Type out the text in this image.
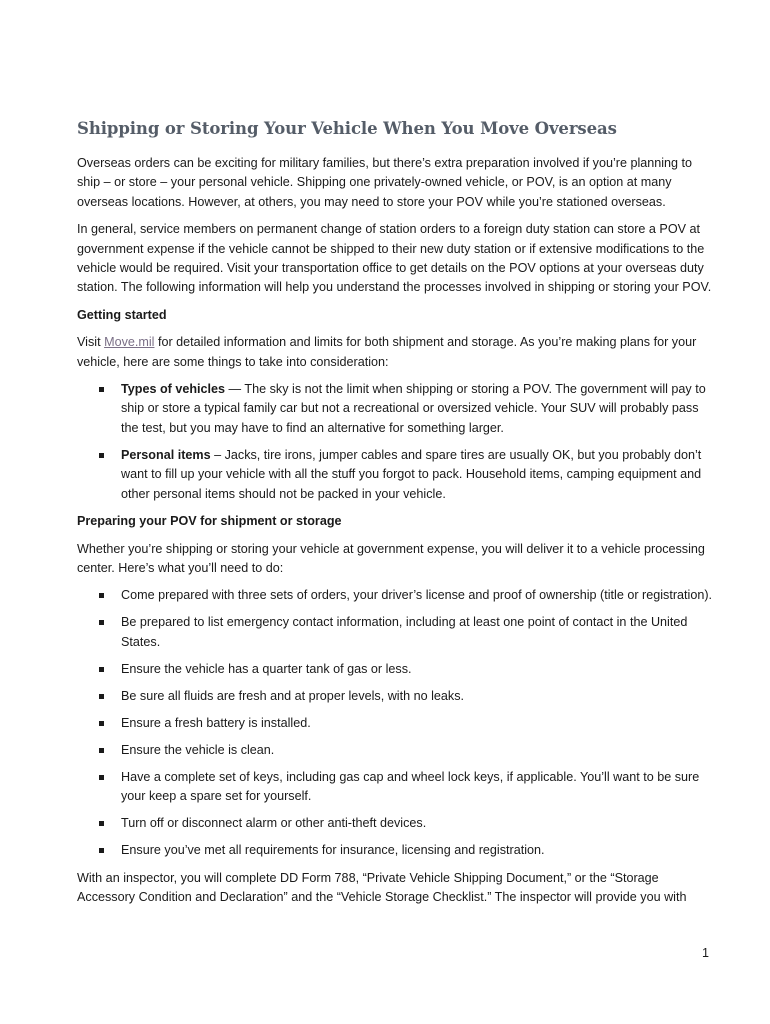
Shipping or Storing Your Vehicle When You Move Overseas

Overseas orders can be exciting for military families, but there’s extra preparation involved if you’re planning to ship – or store – your personal vehicle. Shipping one privately-owned vehicle, or POV, is an option at many overseas locations. However, at others, you may need to store your POV while you’re stationed overseas.

In general, service members on permanent change of station orders to a foreign duty station can store a POV at government expense if the vehicle cannot be shipped to their new duty station or if extensive modifications to the vehicle would be required. Visit your transportation office to get details on the POV options at your overseas duty station. The following information will help you understand the processes involved in shipping or storing your POV.

Getting started

Visit Move.mil for detailed information and limits for both shipment and storage. As you’re making plans for your vehicle, here are some things to take into consideration:

Types of vehicles — The sky is not the limit when shipping or storing a POV. The government will pay to ship or store a typical family car but not a recreational or oversized vehicle. Your SUV will probably pass the test, but you may have to find an alternative for something larger.
Personal items – Jacks, tire irons, jumper cables and spare tires are usually OK, but you probably don’t want to fill up your vehicle with all the stuff you forgot to pack. Household items, camping equipment and other personal items should not be packed in your vehicle.

Preparing your POV for shipment or storage

Whether you’re shipping or storing your vehicle at government expense, you will deliver it to a vehicle processing center. Here’s what you’ll need to do:

Come prepared with three sets of orders, your driver’s license and proof of ownership (title or registration).
Be prepared to list emergency contact information, including at least one point of contact in the United States.
Ensure the vehicle has a quarter tank of gas or less.
Be sure all fluids are fresh and at proper levels, with no leaks.
Ensure a fresh battery is installed.
Ensure the vehicle is clean.
Have a complete set of keys, including gas cap and wheel lock keys, if applicable. You’ll want to be sure your keep a spare set for yourself.
Turn off or disconnect alarm or other anti-theft devices.
Ensure you’ve met all requirements for insurance, licensing and registration.

With an inspector, you will complete DD Form 788, “Private Vehicle Shipping Document,” or the “Storage Accessory Condition and Declaration” and the “Vehicle Storage Checklist.” The inspector will provide you with

1
